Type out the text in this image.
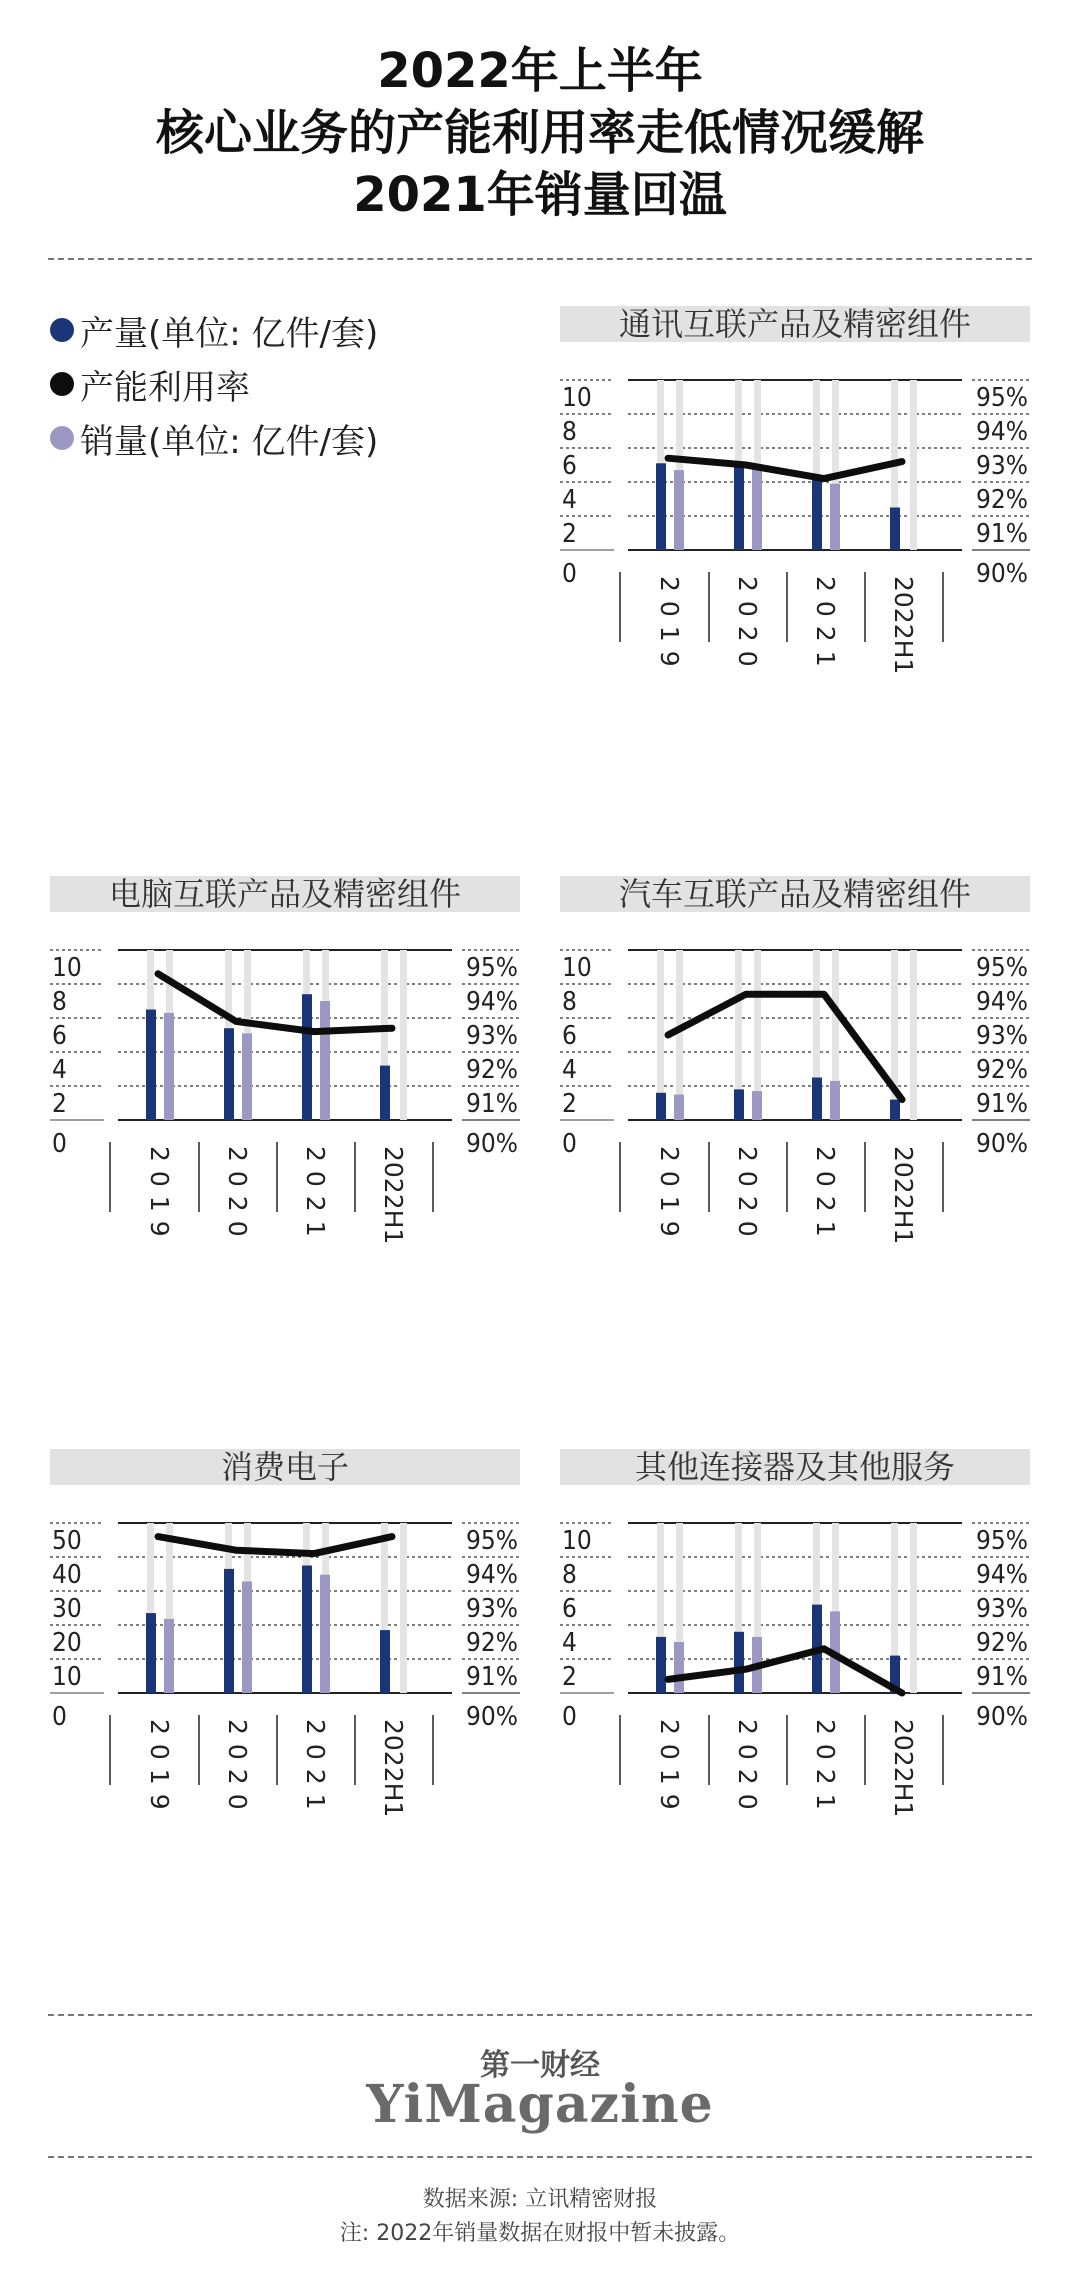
2022年上半年
核心业务的产能利用率走低情况缓解
2021年销量回温
产量(单位: 亿件/套)
产能利用率
销量(单位: 亿件/套)
通讯互联产品及精密组件
0
2
4
6
8
10
90%
91%
92%
93%
94%
95%
2019 2020 2021 2022H1
电脑互联产品及精密组件
0
2
4
6
8
10
90%
91%
92%
93%
94%
95%
2019 2020 2021 2022H1
汽车互联产品及精密组件
0
2
4
6
8
10
90%
91%
92%
93%
94%
95%
2019 2020 2021 2022H1
消费电子
0
10
20
30
40
50
90%
91%
92%
93%
94%
95%
2019 2020 2021 2022H1
其他连接器及其他服务
0
2
4
6
8
10
90%
91%
92%
93%
94%
95%
2019 2020 2021 2022H1
第一财经
YiMagazine
数据来源: 立讯精密财报
注: 2022年销量数据在财报中暂未披露。
